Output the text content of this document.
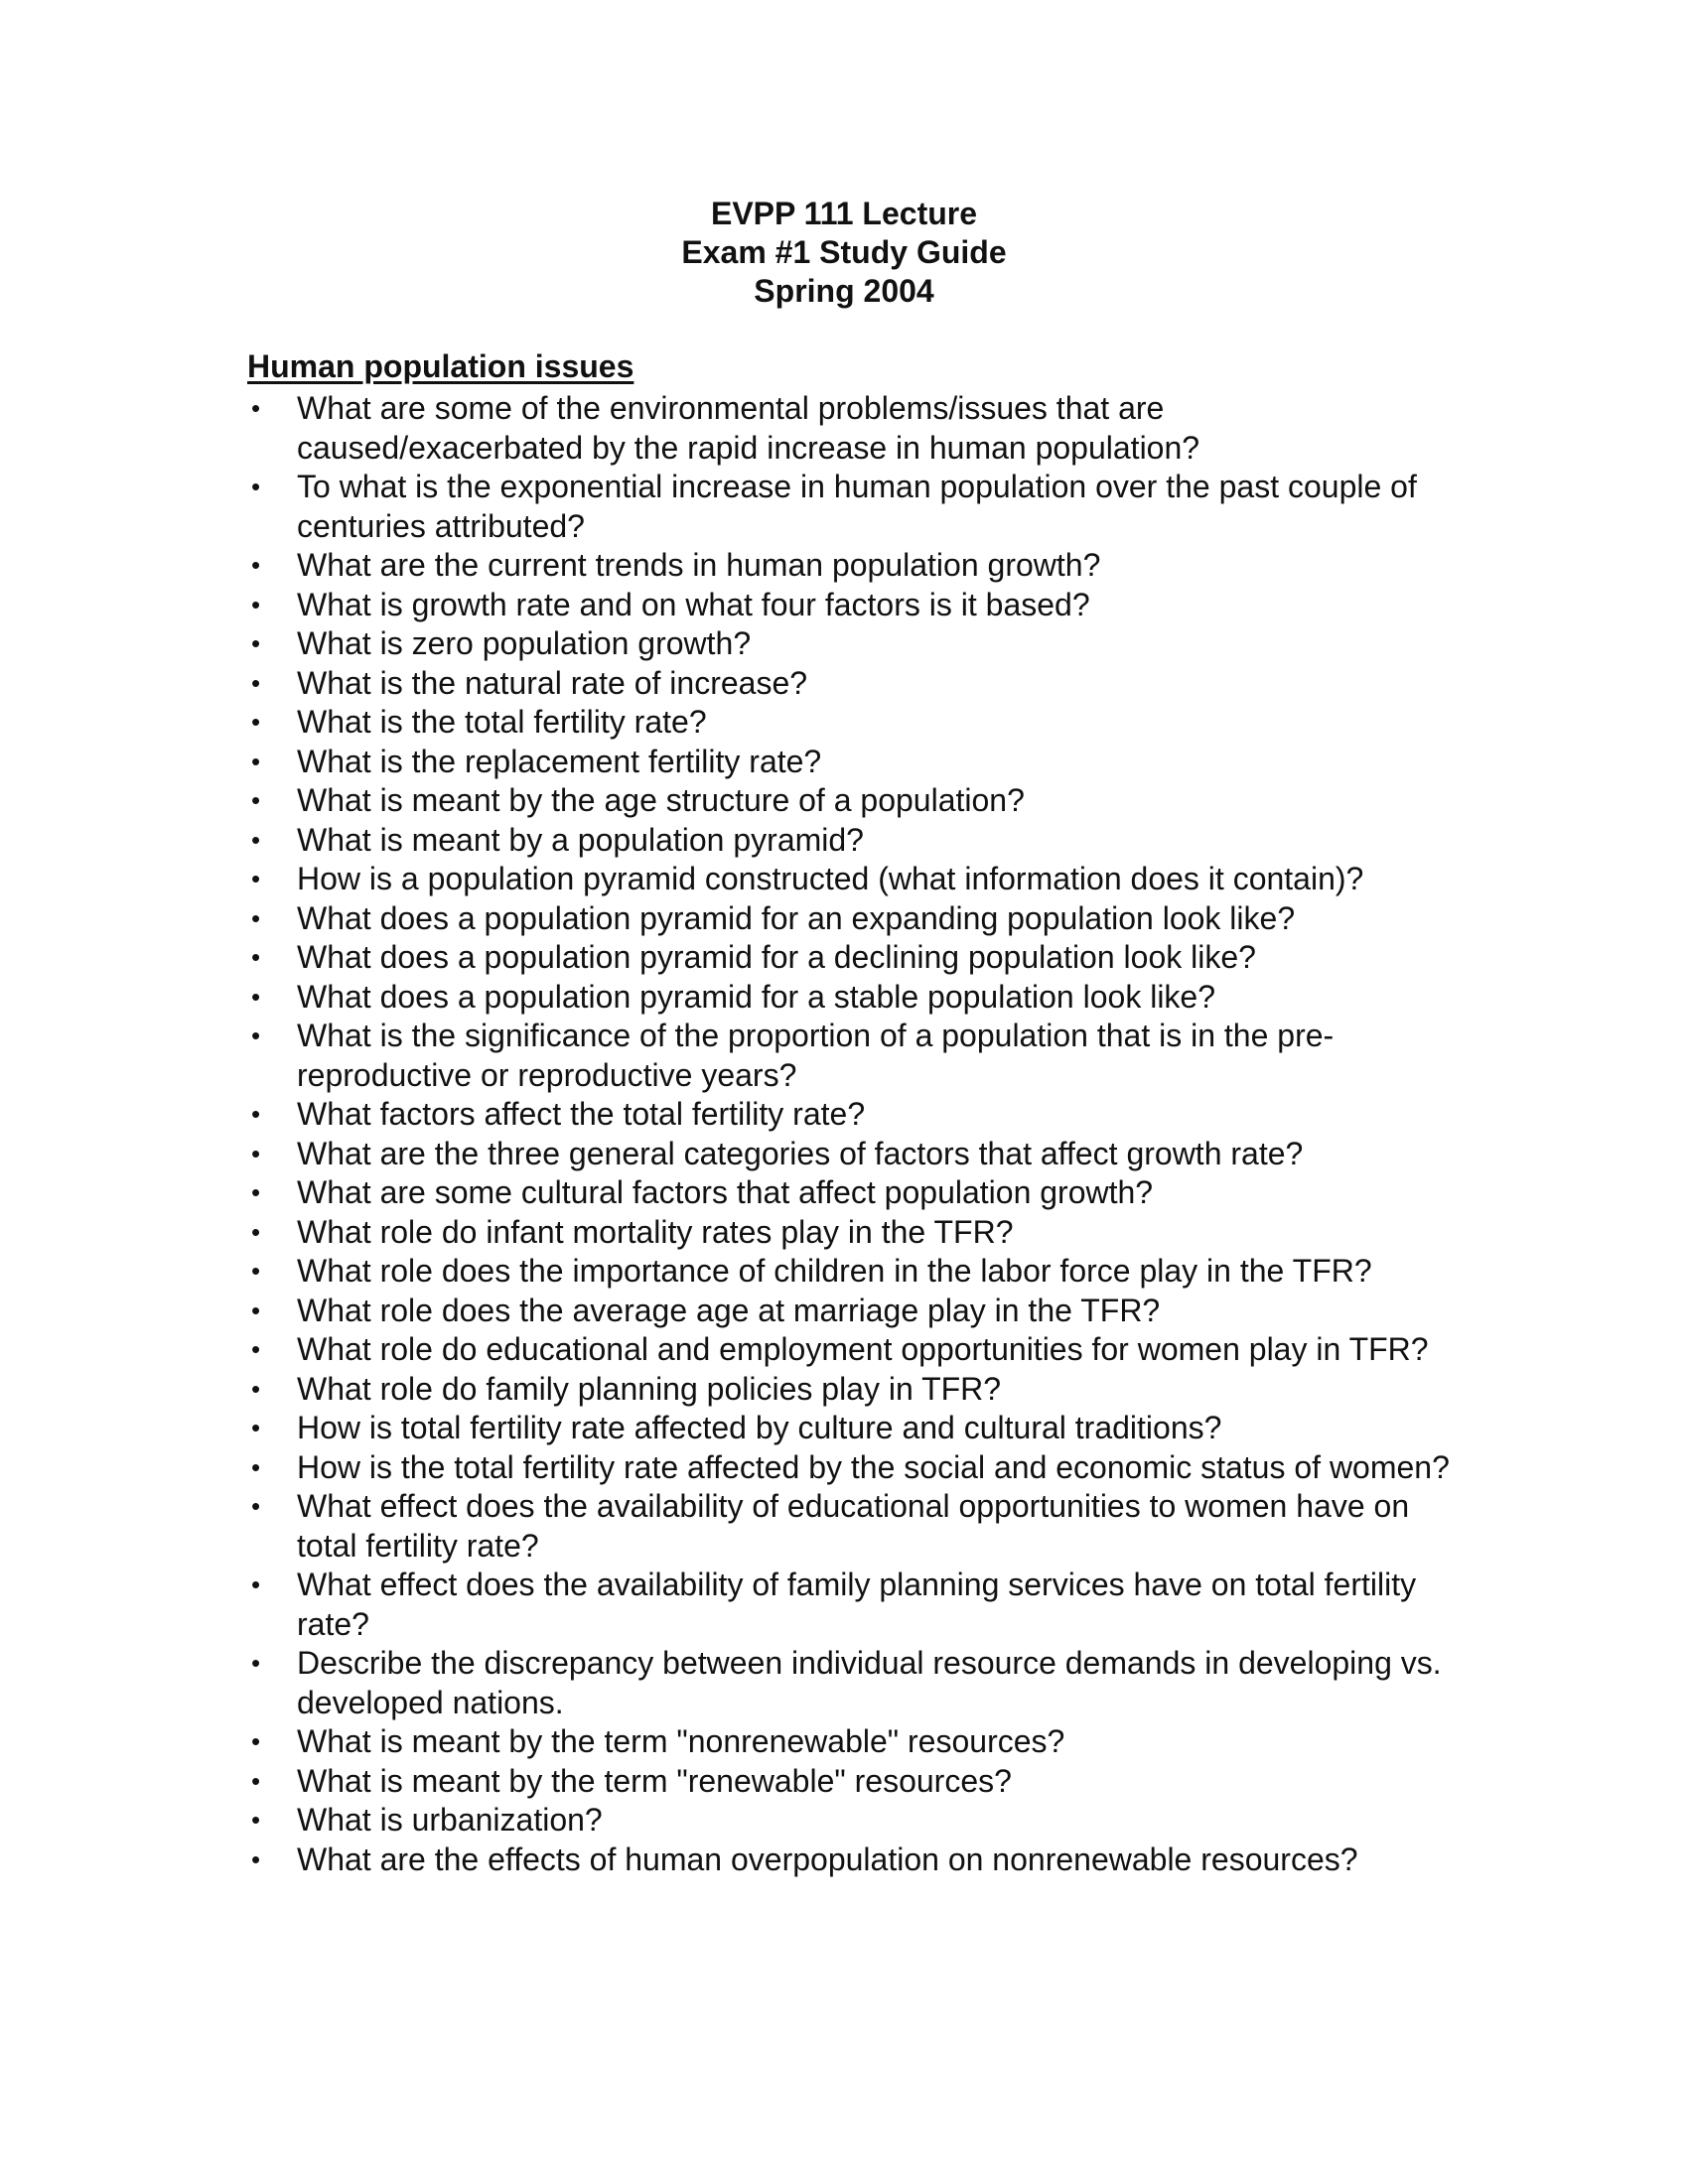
EVPP 111 Lecture

Exam #1 Study Guide

Spring 2004

Human population issues
•	What are some of the environmental problems/issues that are caused/exacerbated by the rapid increase in human population?
•	To what is the exponential increase in human population over the past couple of centuries attributed?
•	What are the current trends in human population growth?
•	What is growth rate and on what four factors is it based?
•	What is zero population growth?
•	What is the natural rate of increase?
•	What is the total fertility rate?
•	What is the replacement fertility rate?
•	What is meant by the age structure of a population?
•	What is meant by a population pyramid?
•	How is a population pyramid constructed (what information does it contain)?
•	What does a population pyramid for an expanding population look like?
•	What does a population pyramid for a declining population look like?
•	What does a population pyramid for a stable population look like?
•	What is the significance of the proportion of a population that is in the pre-reproductive or reproductive years?
•	What factors affect the total fertility rate?
•	What are the three general categories of factors that affect growth rate?
•	What are some cultural factors that affect population growth?
•	What role do infant mortality rates play in the TFR?
•	What role does the importance of children in the labor force play in the TFR?
•	What role does the average age at marriage play in the TFR?
•	What role do educational and employment opportunities for women play in TFR?
•	What role do family planning policies play in TFR?
•	How is total fertility rate affected by culture and cultural traditions?
•	How is the total fertility rate affected by the social and economic status of women?
•	What effect does the availability of educational opportunities to women have on total fertility rate?
•	What effect does the availability of family planning services have on total fertility rate?
•	Describe the discrepancy between individual resource demands in developing vs. developed nations.
•	What is meant by the term "nonrenewable" resources?
•	What is meant by the term "renewable" resources?
•	What is urbanization?
•	What are the effects of human overpopulation on nonrenewable resources?
